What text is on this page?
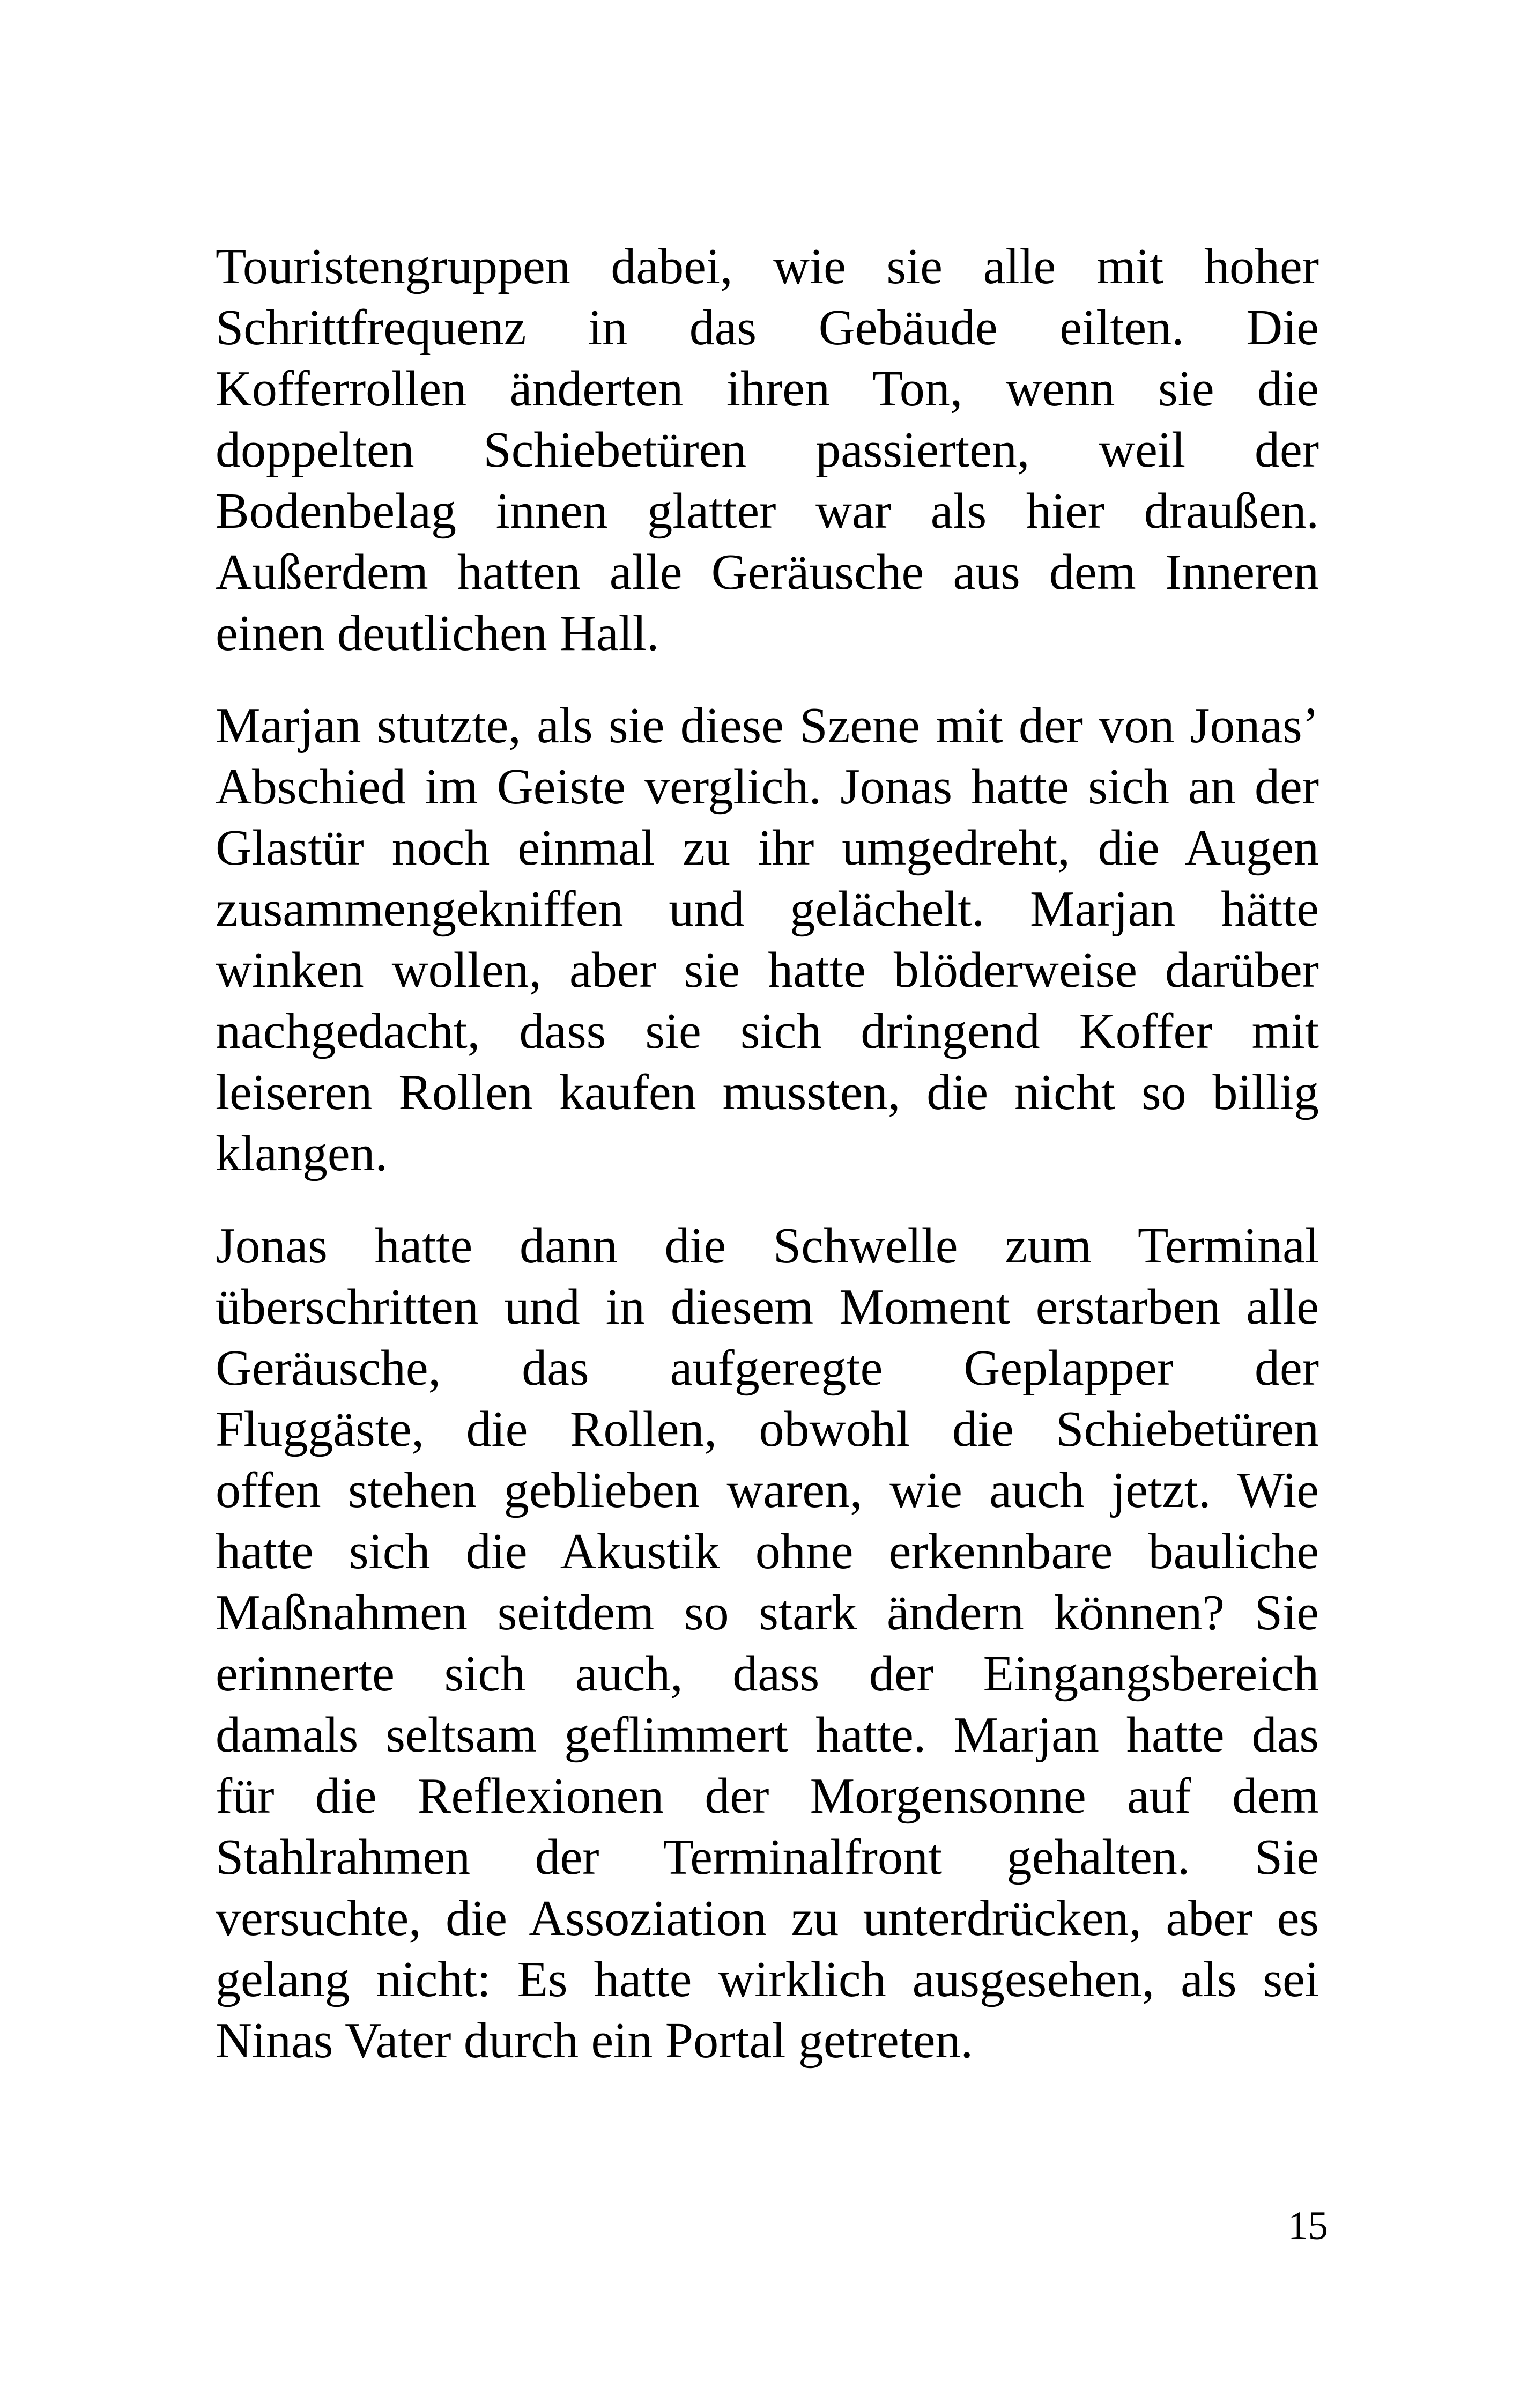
Touristengruppen dabei, wie sie alle mit hoher
Schrittfrequenz in das Gebäude eilten. Die
Kofferrollen änderten ihren Ton, wenn sie die
doppelten Schiebetüren passierten, weil der
Bodenbelag innen glatter war als hier draußen.
Außerdem hatten alle Geräusche aus dem Inneren
einen deutlichen Hall.
Marjan stutzte, als sie diese Szene mit der von Jonas’
Abschied im Geiste verglich. Jonas hatte sich an der
Glastür noch einmal zu ihr umgedreht, die Augen
zusammengekniffen und gelächelt. Marjan hätte
winken wollen, aber sie hatte blöderweise darüber
nachgedacht, dass sie sich dringend Koffer mit
leiseren Rollen kaufen mussten, die nicht so billig
klangen.
Jonas hatte dann die Schwelle zum Terminal
überschritten und in diesem Moment erstarben alle
Geräusche, das aufgeregte Geplapper der
Fluggäste, die Rollen, obwohl die Schiebetüren
offen stehen geblieben waren, wie auch jetzt. Wie
hatte sich die Akustik ohne erkennbare bauliche
Maßnahmen seitdem so stark ändern können? Sie
erinnerte sich auch, dass der Eingangsbereich
damals seltsam geflimmert hatte. Marjan hatte das
für die Reflexionen der Morgensonne auf dem
Stahlrahmen der Terminalfront gehalten. Sie
versuchte, die Assoziation zu unterdrücken, aber es
gelang nicht: Es hatte wirklich ausgesehen, als sei
Ninas Vater durch ein Portal getreten.
15
